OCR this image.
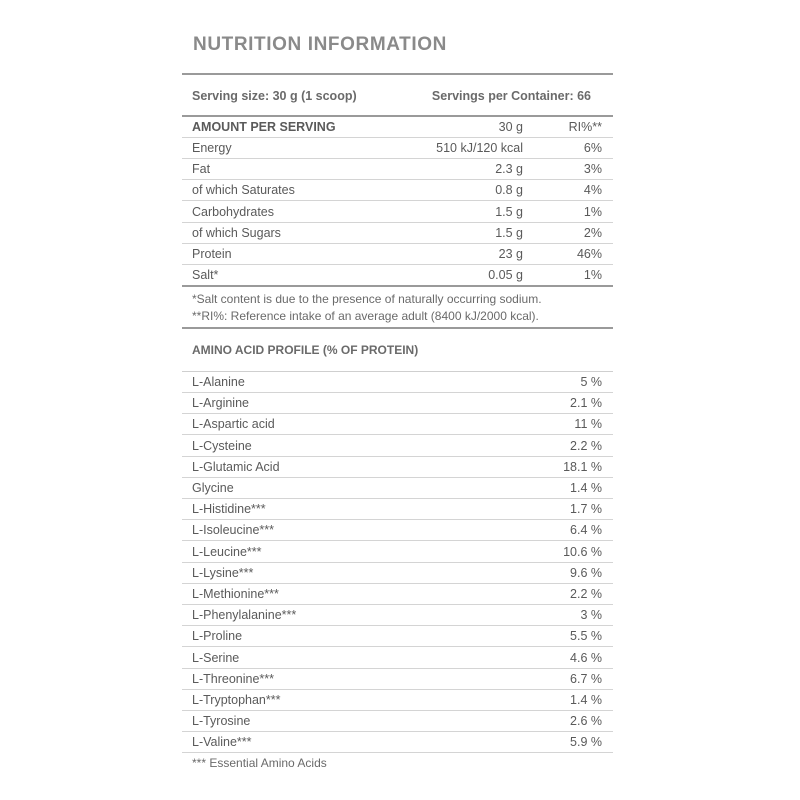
NUTRITION INFORMATION
Serving size: 30 g (1 scoop)	Servings per Container: 66
AMOUNT PER SERVING	30 g	RI%**
Energy	510 kJ/120 kcal	6%
Fat	2.3 g	3%
of which Saturates	0.8 g	4%
Carbohydrates	1.5 g	1%
of which Sugars	1.5 g	2%
Protein	23 g	46%
Salt*	0.05 g	1%
*Salt content is due to the presence of naturally occurring sodium.
**RI%: Reference intake of an average adult (8400 kJ/2000 kcal).
AMINO ACID PROFILE (% OF PROTEIN)
L-Alanine	5 %
L-Arginine	2.1 %
L-Aspartic acid	11 %
L-Cysteine	2.2 %
L-Glutamic Acid	18.1 %
Glycine	1.4 %
L-Histidine***	1.7 %
L-Isoleucine***	6.4 %
L-Leucine***	10.6 %
L-Lysine***	9.6 %
L-Methionine***	2.2 %
L-Phenylalanine***	3 %
L-Proline	5.5 %
L-Serine	4.6 %
L-Threonine***	6.7 %
L-Tryptophan***	1.4 %
L-Tyrosine	2.6 %
L-Valine***	5.9 %
*** Essential Amino Acids
